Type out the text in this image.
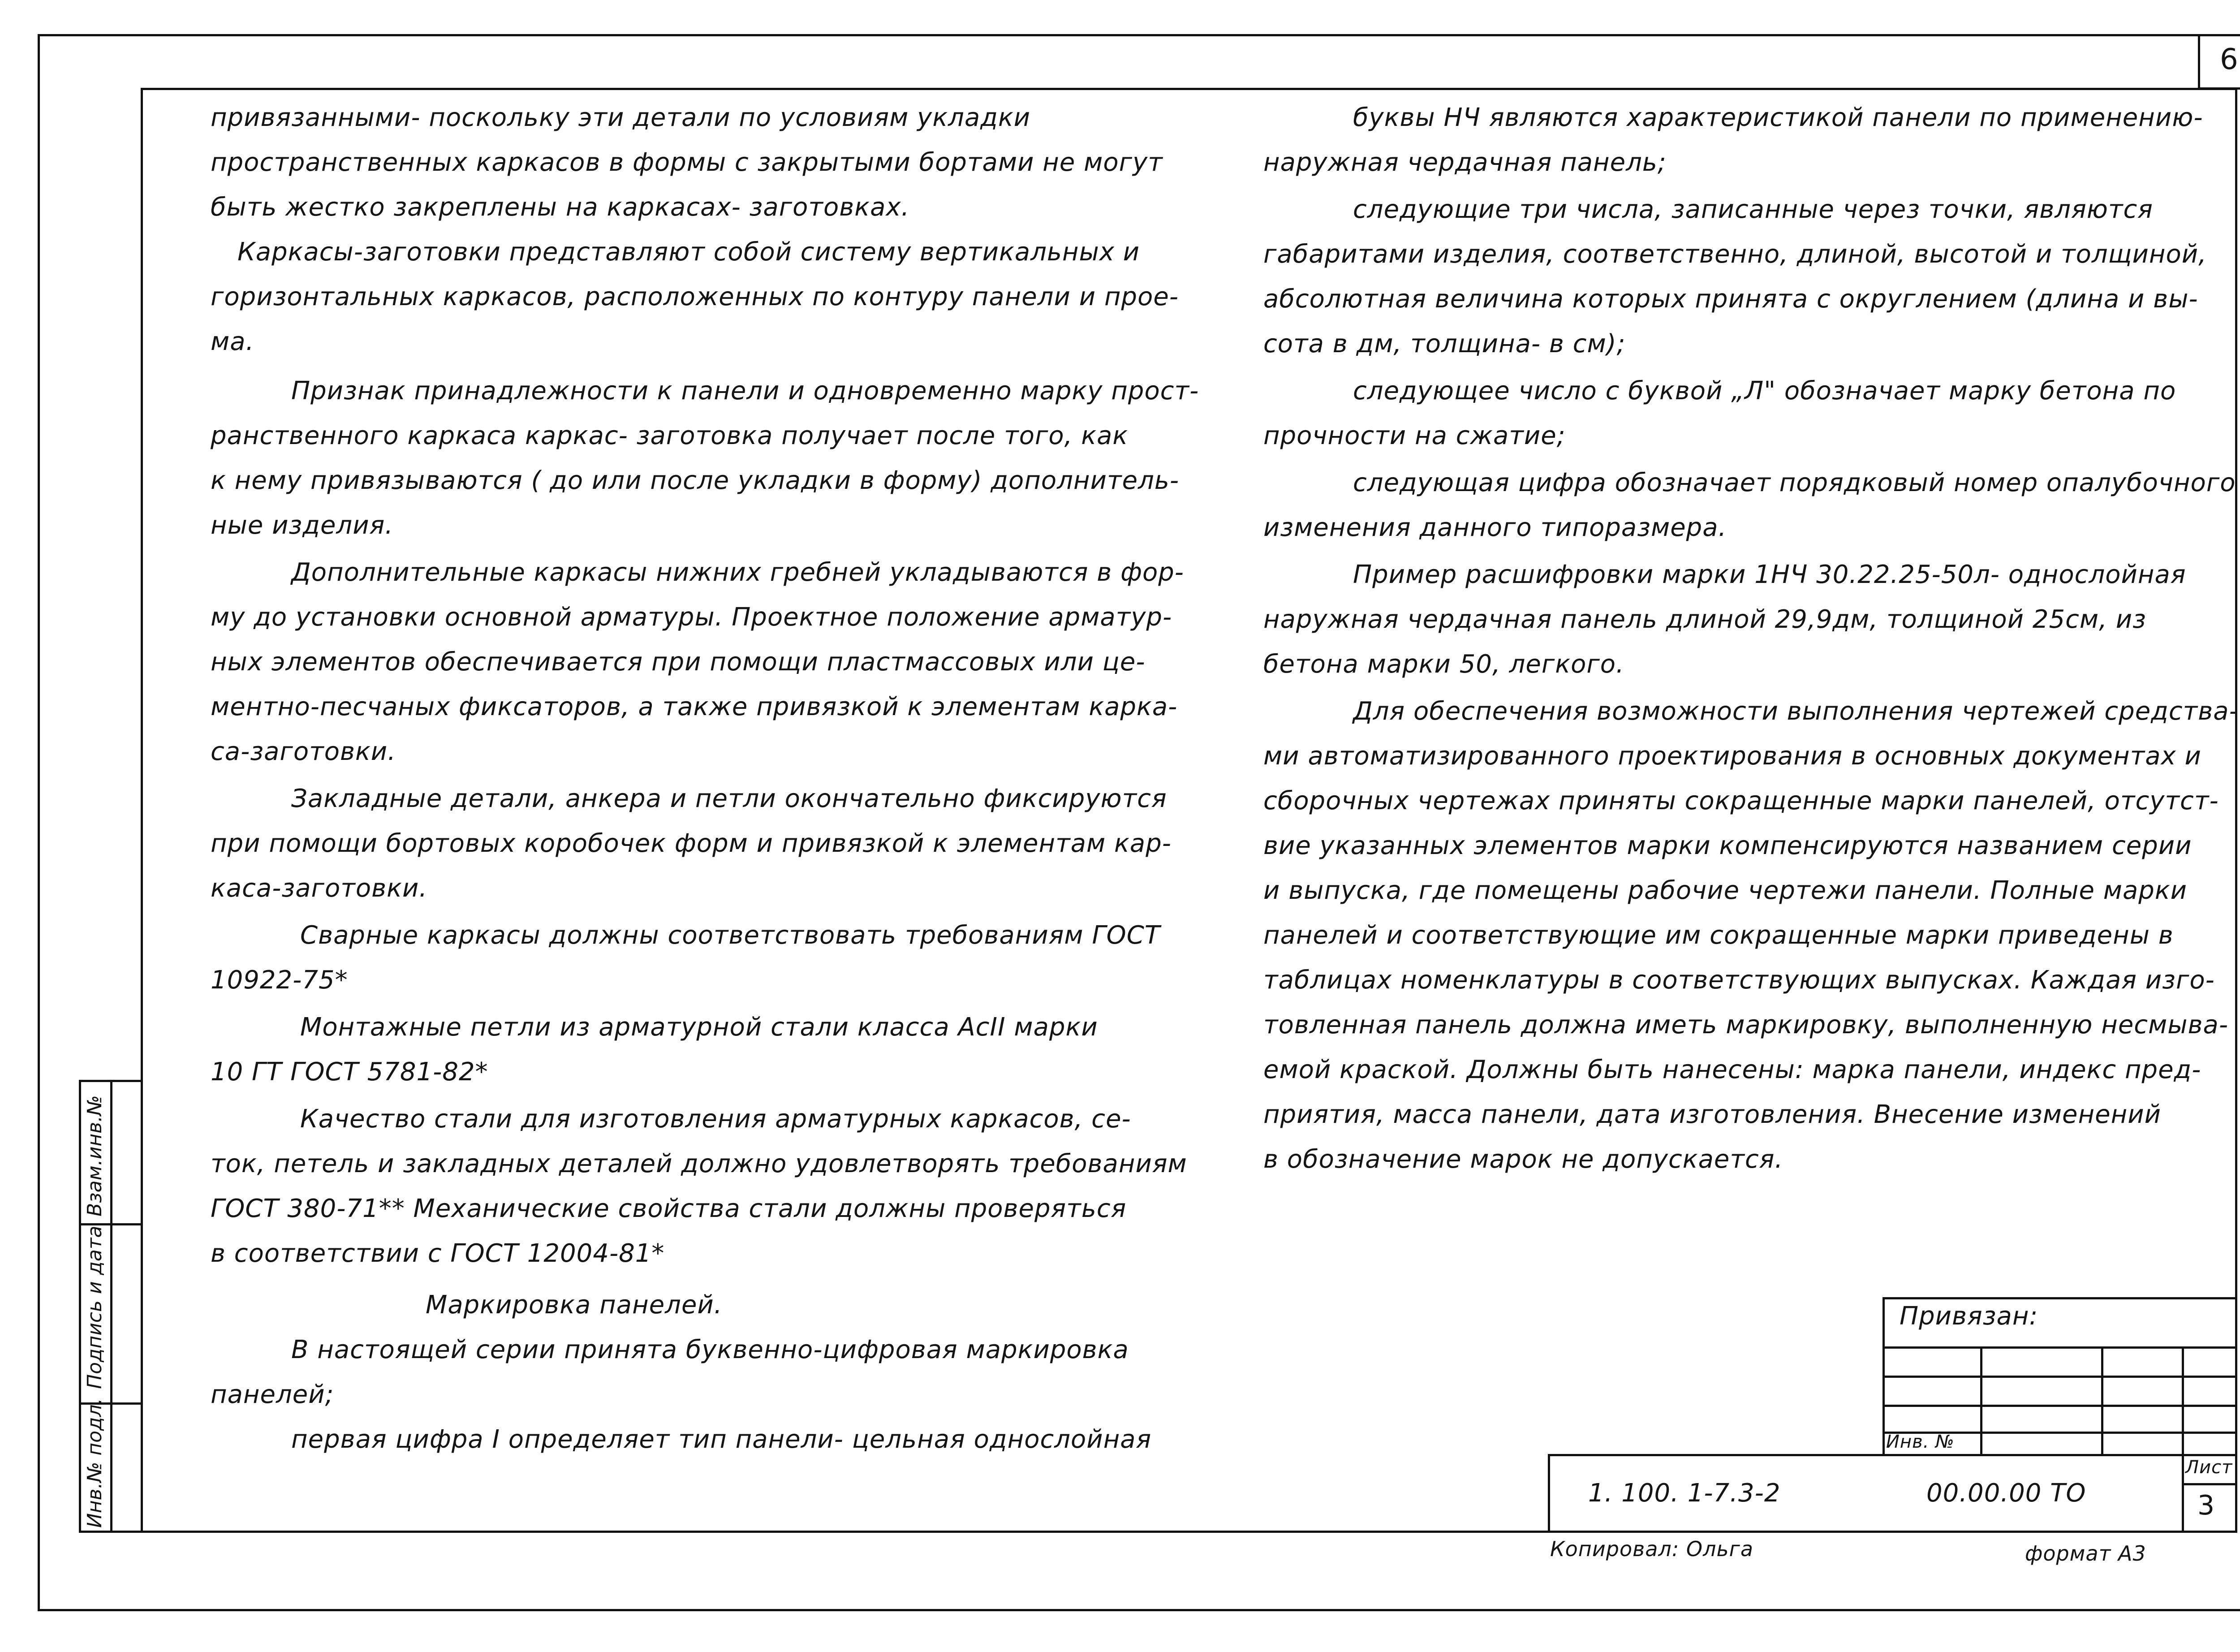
6
Инв.№ подл.
Подпись и дата
Взам.инв.№
привязанными- поскольку эти детали по условиям укладки
пространственных каркасов в формы с закрытыми бортами не могут
быть жестко закреплены на каркасах- заготовках.
Каркасы-заготовки представляют собой систему вертикальных и
горизонтальных каркасов, расположенных по контуру панели и прое-
ма.
Признак принадлежности к панели и одновременно марку прост-
ранственного каркаса каркас- заготовка получает после того, как
к нему привязываются ( до или после укладки в форму) дополнитель-
ные изделия.
Дополнительные каркасы нижних гребней укладываются в фор-
му до установки основной арматуры. Проектное положение арматур-
ных элементов обеспечивается при помощи пластмассовых или це-
ментно-песчаных фиксаторов, а также привязкой к элементам карка-
са-заготовки.
Закладные детали, анкера и петли окончательно фиксируются
при помощи бортовых коробочек форм и привязкой к элементам кар-
каса-заготовки.
Сварные каркасы должны соответствовать требованиям ГОСТ
10922-75*
Монтажные петли из арматурной стали класса АсII марки
10 ГТ ГОСТ 5781-82*
Качество стали для изготовления арматурных каркасов, се-
ток, петель и закладных деталей должно удовлетворять требованиям
ГОСТ 380-71** Механические свойства стали должны проверяться
в соответствии с ГОСТ 12004-81*
Маркировка панелей.
В настоящей серии принята буквенно-цифровая маркировка
панелей;
первая цифра I определяет тип панели- цельная однослойная
буквы НЧ являются характеристикой панели по применению-
наружная чердачная панель;
следующие три числа, записанные через точки, являются
габаритами изделия, соответственно, длиной, высотой и толщиной,
абсолютная величина которых принята с округлением (длина и вы-
сота в дм, толщина- в см);
следующее число с буквой „Л" обозначает марку бетона по
прочности на сжатие;
следующая цифра обозначает порядковый номер опалубочного
изменения данного типоразмера.
Пример расшифровки марки 1НЧ 30.22.25-50л- однослойная
наружная чердачная панель длиной 29,9дм, толщиной 25см, из
бетона марки 50, легкого.
Для обеспечения возможности выполнения чертежей средства-
ми автоматизированного проектирования в основных документах и
сборочных чертежах приняты сокращенные марки панелей, отсутст-
вие указанных элементов марки компенсируются названием серии
и выпуска, где помещены рабочие чертежи панели. Полные марки
панелей и соответствующие им сокращенные марки приведены в
таблицах номенклатуры в соответствующих выпусках. Каждая изго-
товленная панель должна иметь маркировку, выполненную несмыва-
емой краской. Должны быть нанесены: марка панели, индекс пред-
приятия, масса панели, дата изготовления. Внесение изменений
в обозначение марок не допускается.
Привязан:
Инв. №
1. 100. 1-7.3-2	00.00.00 ТО
Лист
3
Копировал: Ольга	формат А3
